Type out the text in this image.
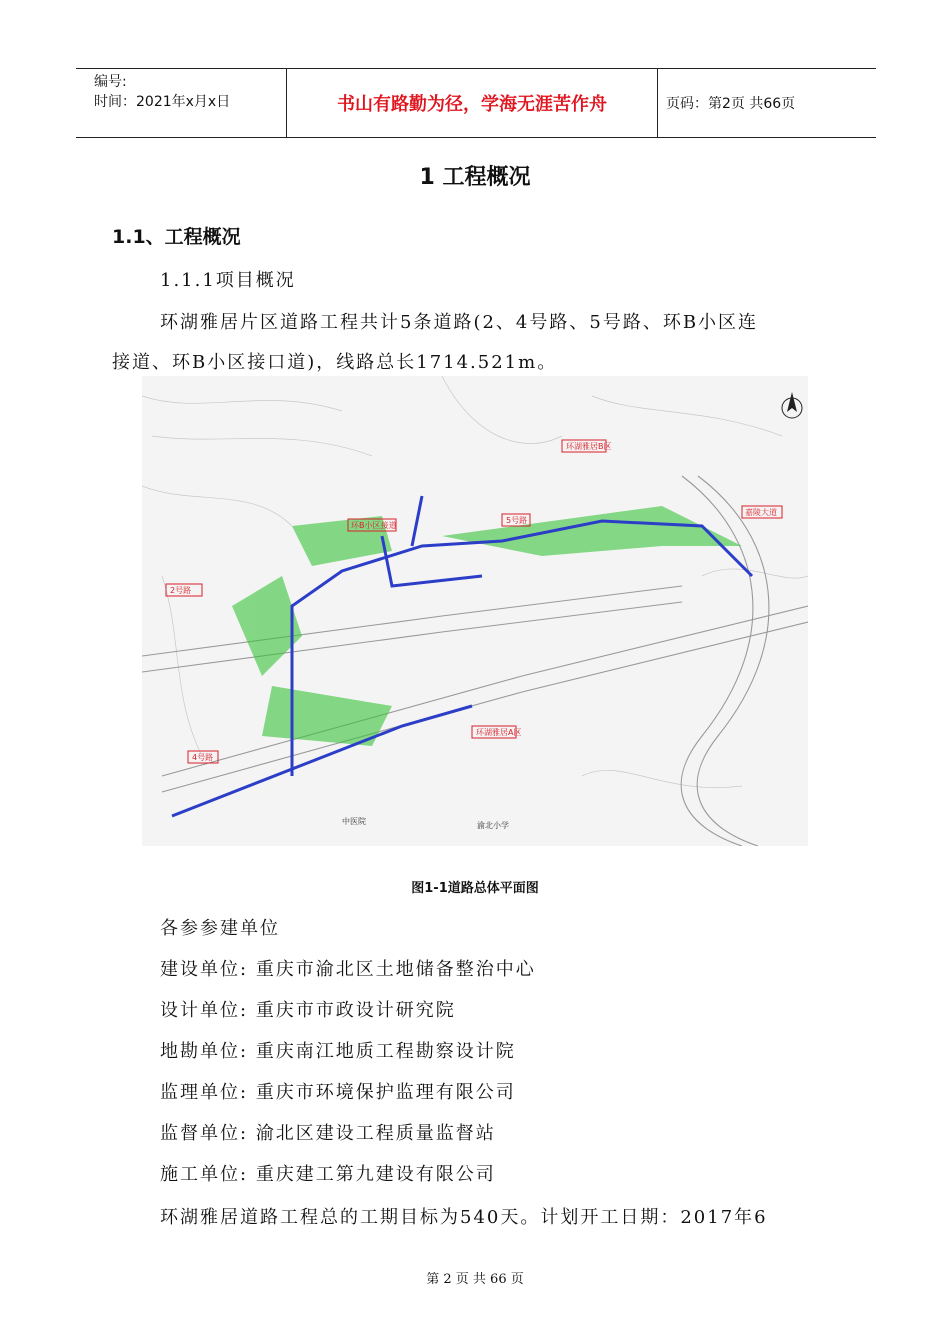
编号:
时间：2021年x月x日	书山有路勤为径，学海无涯苦作舟	页码：第2页 共66页
1 工程概况
1.1、工程概况
1.1.1项目概况
环湖雅居片区道路工程共计5条道路(2、4号路、5号路、环B小区连
接道、环B小区接口道)，线路总长1714.521m。
环湖雅居B区
环湖雅居A区
渝北小学
中医院
2号路
4号路
5号路
环B小区接道
嘉陵大道
图1-1道路总体平面图
各参参建单位
建设单位: 重庆市渝北区土地储备整治中心
设计单位: 重庆市市政设计研究院
地勘单位: 重庆南江地质工程勘察设计院
监理单位: 重庆市环境保护监理有限公司
监督单位: 渝北区建设工程质量监督站
施工单位: 重庆建工第九建设有限公司
环湖雅居道路工程总的工期目标为540天。计划开工日期：2017年6
第 2 页 共 66 页
